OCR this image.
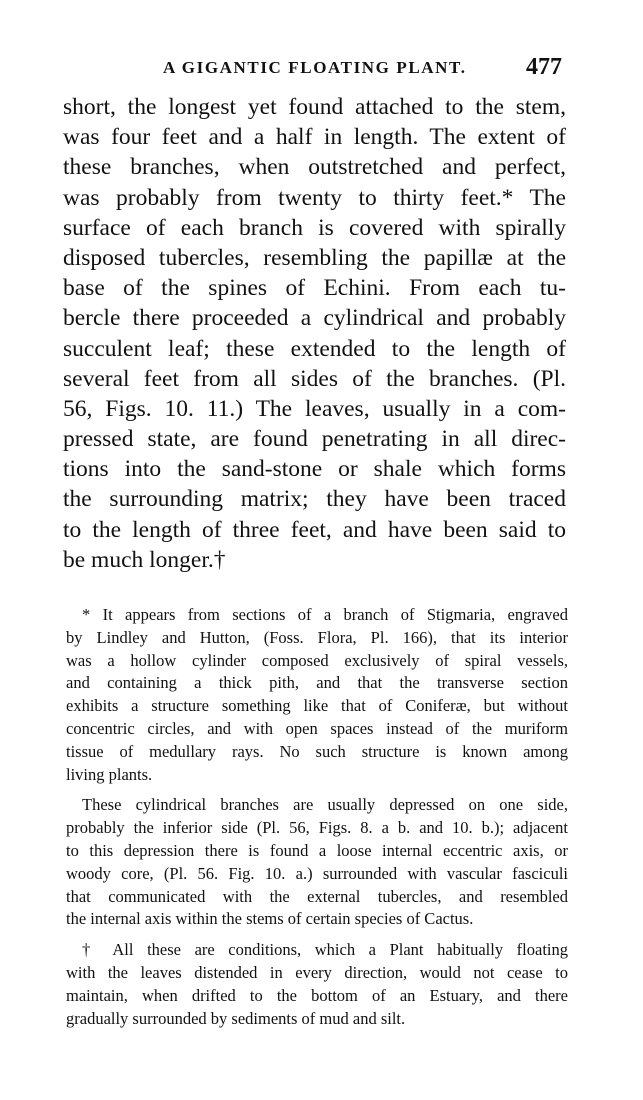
A GIGANTIC FLOATING PLANT. 477
short, the longest yet found attached to the stem,
was four feet and a half in length. The extent of
these branches, when outstretched and perfect,
was probably from twenty to thirty feet.* The
surface of each branch is covered with spirally
disposed tubercles, resembling the papillæ at the
base of the spines of Echini. From each tu-
bercle there proceeded a cylindrical and probably
succulent leaf; these extended to the length of
several feet from all sides of the branches. (Pl.
56, Figs. 10. 11.) The leaves, usually in a com-
pressed state, are found penetrating in all direc-
tions into the sand-stone or shale which forms
the surrounding matrix; they have been traced
to the length of three feet, and have been said to
be much longer.†
* It appears from sections of a branch of Stigmaria, engraved
by Lindley and Hutton, (Foss. Flora, Pl. 166), that its interior
was a hollow cylinder composed exclusively of spiral vessels,
and containing a thick pith, and that the transverse section
exhibits a structure something like that of Coniferæ, but without
concentric circles, and with open spaces instead of the muriform
tissue of medullary rays. No such structure is known among
living plants.
These cylindrical branches are usually depressed on one side,
probably the inferior side (Pl. 56, Figs. 8. a b. and 10. b.); adjacent
to this depression there is found a loose internal eccentric axis, or
woody core, (Pl. 56. Fig. 10. a.) surrounded with vascular fasciculi
that communicated with the external tubercles, and resembled
the internal axis within the stems of certain species of Cactus.
† All these are conditions, which a Plant habitually floating
with the leaves distended in every direction, would not cease to
maintain, when drifted to the bottom of an Estuary, and there
gradually surrounded by sediments of mud and silt.
